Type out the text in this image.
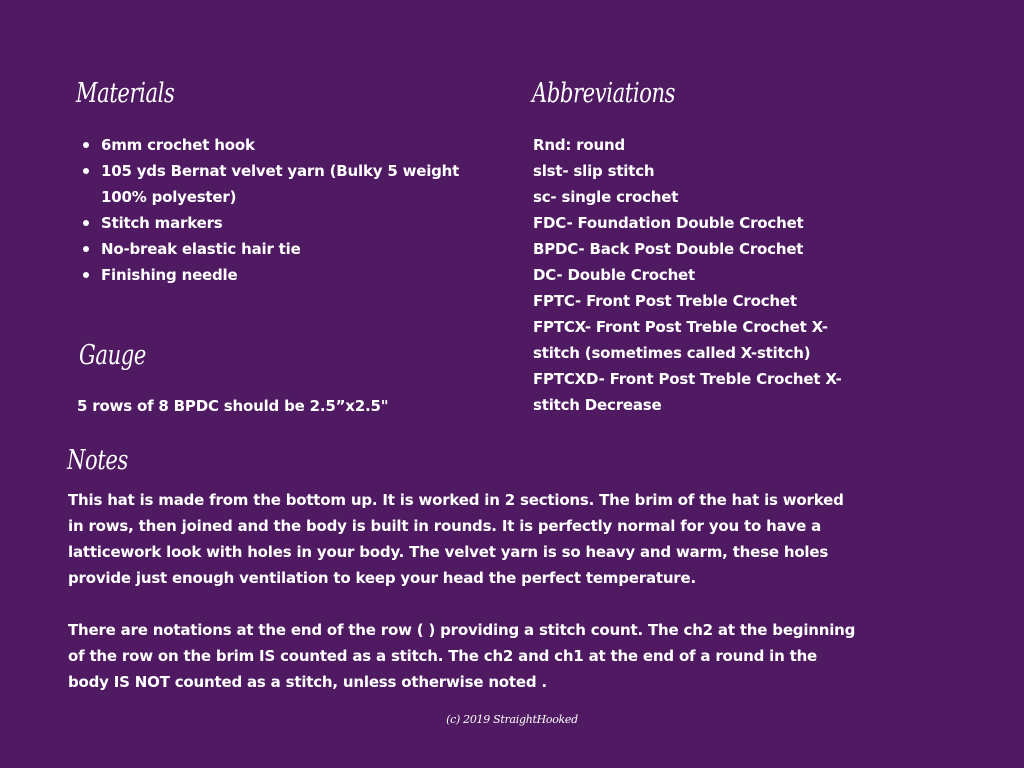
Materials
6mm crochet hook
105 yds Bernat velvet yarn (Bulky 5 weight 100% polyester)
Stitch markers
No-break elastic hair tie
Finishing needle
Abbreviations
Rnd: round
slst- slip stitch
sc- single crochet
FDC- Foundation Double Crochet
BPDC- Back Post Double Crochet
DC- Double Crochet
FPTC- Front Post Treble Crochet
FPTCX- Front Post Treble Crochet X-stitch (sometimes called X-stitch)
FPTCXD- Front Post Treble Crochet X-stitch Decrease
Gauge

5 rows of 8 BPDC should be 2.5”x2.5"

Notes

This hat is made from the bottom up. It is worked in 2 sections. The brim of the hat is worked in rows, then joined and the body is built in rounds. It is perfectly normal for you to have a latticework look with holes in your body. The velvet yarn is so heavy and warm, these holes provide just enough ventilation to keep your head the perfect temperature.

There are notations at the end of the row ( ) providing a stitch count. The ch2 at the beginning of the row on the brim IS counted as a stitch. The ch2 and ch1 at the end of a round in the body IS NOT counted as a stitch, unless otherwise noted .

(c) 2019 StraightHooked
